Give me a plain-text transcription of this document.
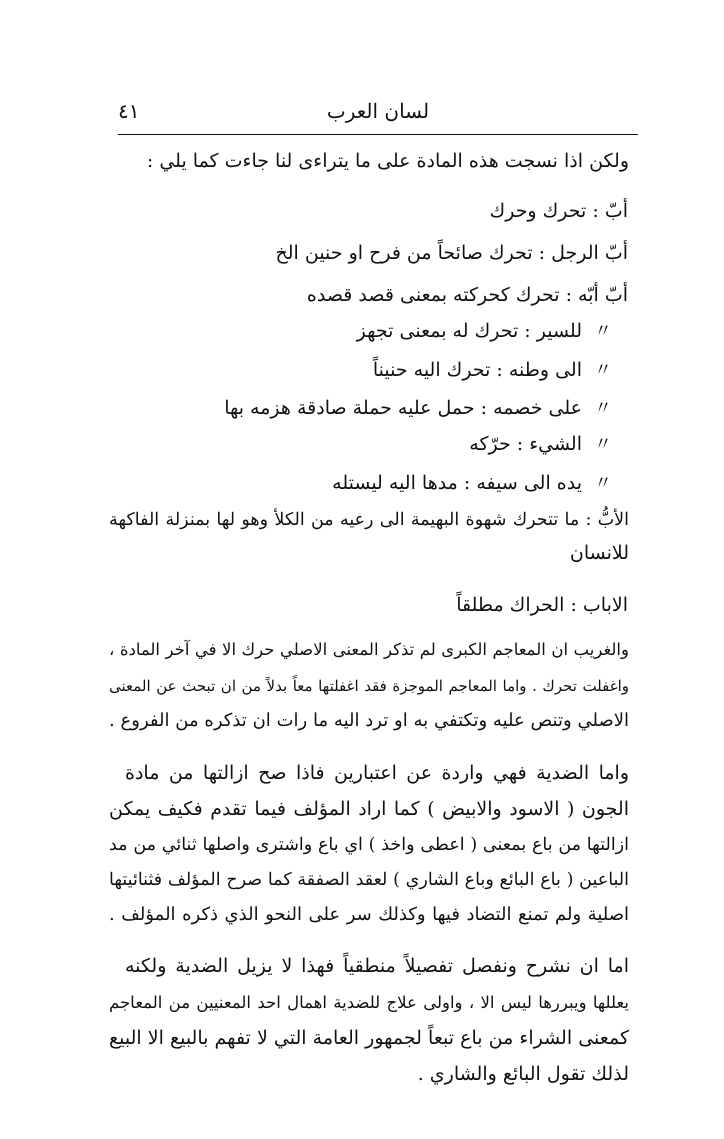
٤١	لسان العرب
ولكن اذا نسجت هذه المادة على ما يتراءى لنا جاءت كما يلي :
أبّ : تحرك وحرك
أبّ الرجل : تحرك صائحاً من فرح او حنين الخ
أبّ أبّه : تحرك كحركته بمعنى قصد قصده
〃للسير : تحرك له بمعنى تجهز
〃الى وطنه : تحرك اليه حنيناً
〃على خصمه : حمل عليه حملة صادقة هزمه بها
〃الشيء : حرّكه
〃يده الى سيفه : مدها اليه ليستله
الأبُّ : ما تتحرك شهوة البهيمة الى رعيه من الكلأ وهو لها بمنزلة الفاكهة
للانسان
الاباب : الحراك مطلقاً
والغريب ان المعاجم الكبرى لم تذكر المعنى الاصلي حرك الا في آخر المادة ،
واغفلت تحرك . واما المعاجم الموجزة فقد اغفلتها معاً بدلاً من ان تبحث عن المعنى
الاصلي وتنص عليه وتكتفي به او ترد اليه ما رات ان تذكره من الفروع .
واما الضدية فهي واردة عن اعتبارين فاذا صح ازالتها من مادة
الجون ( الاسود والابيض ) كما اراد المؤلف فيما تقدم فكيف يمكن
ازالتها من باع بمعنى ( اعطى واخذ ) اي باع واشترى واصلها ثنائي من مد
الباعين ( باع البائع وباع الشاري ) لعقد الصفقة كما صرح المؤلف فثنائيتها
اصلية ولم تمنع التضاد فيها وكذلك سر على النحو الذي ذكره المؤلف .
اما ان نشرح ونفصل تفصيلاً منطقياً فهذا لا يزيل الضدية ولكنه
يعللها ويبررها ليس الا ، واولى علاج للضدية اهمال احد المعنيين من المعاجم
كمعنى الشراء من باع تبعاً لجمهور العامة التي لا تفهم بالبيع الا البيع
لذلك تقول البائع والشاري .
